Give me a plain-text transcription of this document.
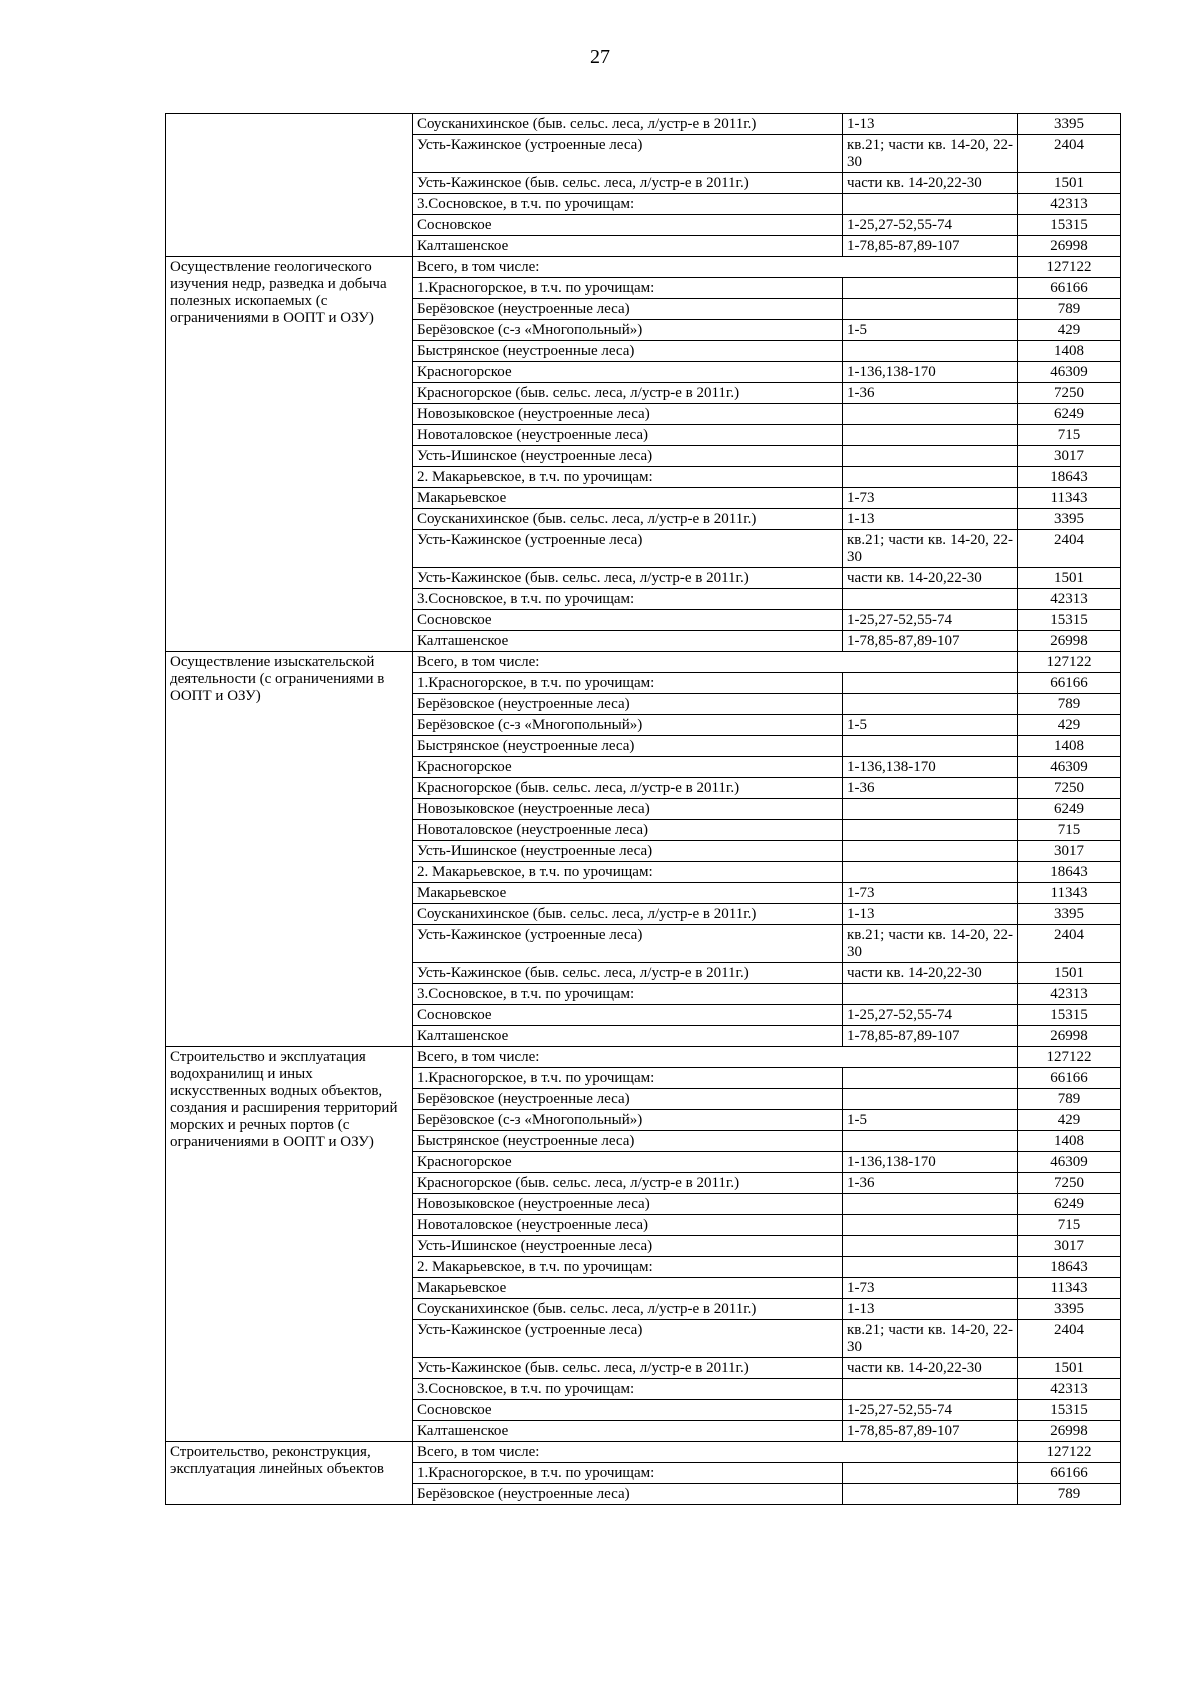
27
	Соусканихинское (быв. сельс. леса, л/устр-е в 2011г.)	1-13	3395
	Усть-Кажинское (устроенные леса)	кв.21; части кв. 14-20, 22-30	2404
	Усть-Кажинское (быв. сельс. леса, л/устр-е в 2011г.)	части кв. 14-20,22-30	1501
	3.Сосновское, в т.ч. по урочищам:		42313
	Сосновское	1-25,27-52,55-74	15315
	Калташенское	1-78,85-87,89-107	26998
Осуществление геологического изучения недр, разведка и добыча полезных ископаемых (с ограничениями в ООПТ и ОЗУ)	Всего, в том числе:		127122
	1.Красногорское, в т.ч. по урочищам:		66166
	Берёзовское (неустроенные леса)		789
	Берёзовское (с-з «Многопольный»)	1-5	429
	Быстрянское (неустроенные леса)		1408
	Красногорское	1-136,138-170	46309
	Красногорское (быв. сельс. леса, л/устр-е в 2011г.)	1-36	7250
	Новозыковское (неустроенные леса)		6249
	Новоталовское (неустроенные леса)		715
	Усть-Ишинское (неустроенные леса)		3017
	2. Макарьевское, в т.ч. по урочищам:		18643
	Макарьевское	1-73	11343
	Соусканихинское (быв. сельс. леса, л/устр-е в 2011г.)	1-13	3395
	Усть-Кажинское (устроенные леса)	кв.21; части кв. 14-20, 22-30	2404
	Усть-Кажинское (быв. сельс. леса, л/устр-е в 2011г.)	части кв. 14-20,22-30	1501
	3.Сосновское, в т.ч. по урочищам:		42313
	Сосновское	1-25,27-52,55-74	15315
	Калташенское	1-78,85-87,89-107	26998
Осуществление изыскательской деятельности (с ограничениями в ООПТ и ОЗУ)	Всего, в том числе:		127122
	1.Красногорское, в т.ч. по урочищам:		66166
	Берёзовское (неустроенные леса)		789
	Берёзовское (с-з «Многопольный»)	1-5	429
	Быстрянское (неустроенные леса)		1408
	Красногорское	1-136,138-170	46309
	Красногорское (быв. сельс. леса, л/устр-е в 2011г.)	1-36	7250
	Новозыковское (неустроенные леса)		6249
	Новоталовское (неустроенные леса)		715
	Усть-Ишинское (неустроенные леса)		3017
	2. Макарьевское, в т.ч. по урочищам:		18643
	Макарьевское	1-73	11343
	Соусканихинское (быв. сельс. леса, л/устр-е в 2011г.)	1-13	3395
	Усть-Кажинское (устроенные леса)	кв.21; части кв. 14-20, 22-30	2404
	Усть-Кажинское (быв. сельс. леса, л/устр-е в 2011г.)	части кв. 14-20,22-30	1501
	3.Сосновское, в т.ч. по урочищам:		42313
	Сосновское	1-25,27-52,55-74	15315
	Калташенское	1-78,85-87,89-107	26998
Строительство и эксплуатация водохранилищ и иных искусственных водных объектов, создания и расширения территорий морских и речных портов (с ограничениями в ООПТ и ОЗУ)	Всего, в том числе:		127122
	1.Красногорское, в т.ч. по урочищам:		66166
	Берёзовское (неустроенные леса)		789
	Берёзовское (с-з «Многопольный»)	1-5	429
	Быстрянское (неустроенные леса)		1408
	Красногорское	1-136,138-170	46309
	Красногорское (быв. сельс. леса, л/устр-е в 2011г.)	1-36	7250
	Новозыковское (неустроенные леса)		6249
	Новоталовское (неустроенные леса)		715
	Усть-Ишинское (неустроенные леса)		3017
	2. Макарьевское, в т.ч. по урочищам:		18643
	Макарьевское	1-73	11343
	Соусканихинское (быв. сельс. леса, л/устр-е в 2011г.)	1-13	3395
	Усть-Кажинское (устроенные леса)	кв.21; части кв. 14-20, 22-30	2404
	Усть-Кажинское (быв. сельс. леса, л/устр-е в 2011г.)	части кв. 14-20,22-30	1501
	3.Сосновское, в т.ч. по урочищам:		42313
	Сосновское	1-25,27-52,55-74	15315
	Калташенское	1-78,85-87,89-107	26998
Строительство, реконструкция, эксплуатация линейных объектов	Всего, в том числе:		127122
	1.Красногорское, в т.ч. по урочищам:		66166
	Берёзовское (неустроенные леса)		789
